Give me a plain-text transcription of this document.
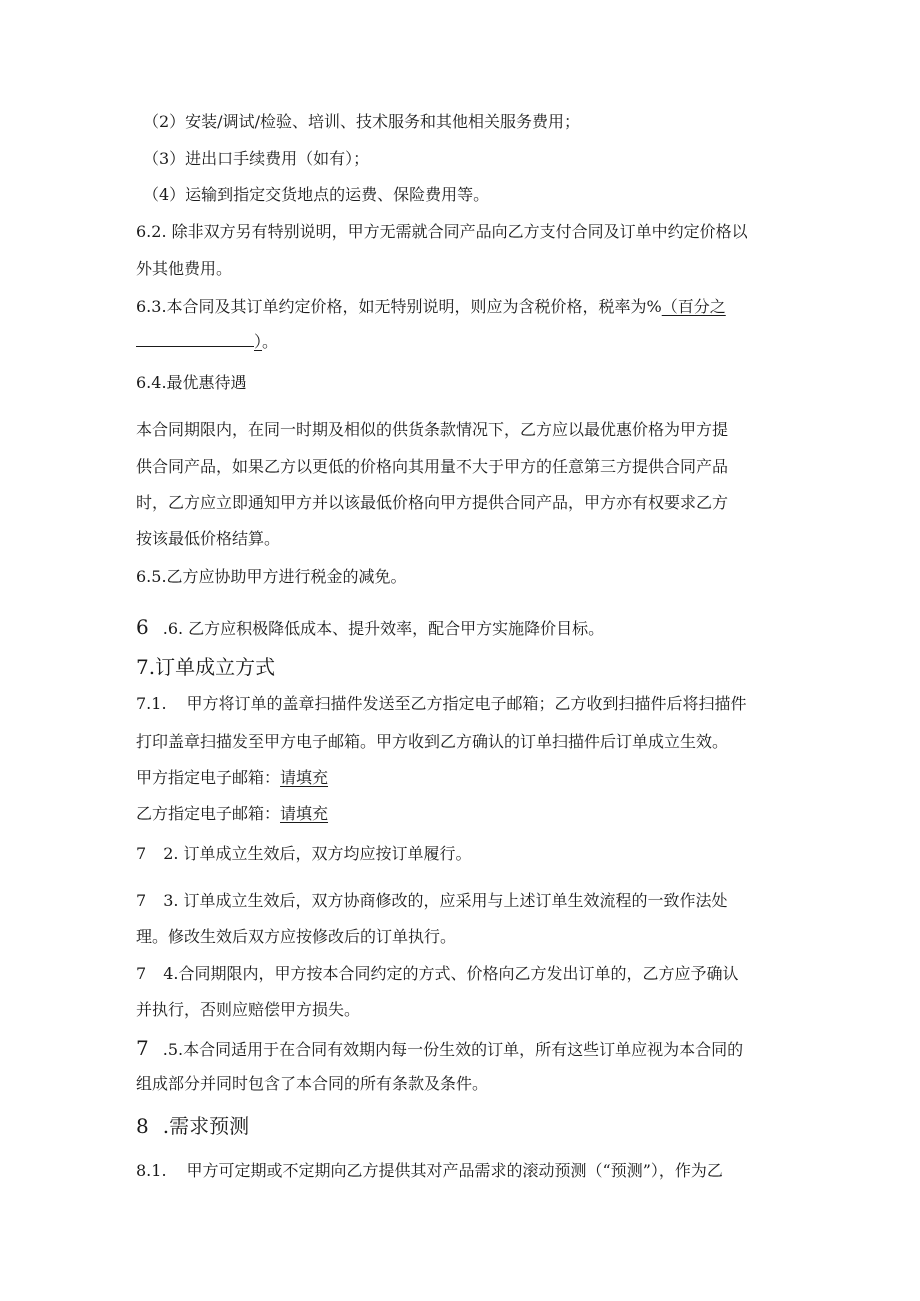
（2）安装/调试/检验、培训、技术服务和其他相关服务费用；
（3）进出口手续费用（如有）；
（4）运输到指定交货地点的运费、保险费用等。
6.2. 除非双方另有特别说明，甲方无需就合同产品向乙方支付合同及订单中约定价格以
外其他费用。
6.3.本合同及其订单约定价格，如无特别说明，则应为含税价格，税率为%（百分之
）。
6.4.最优惠待遇
本合同期限内，在同一时期及相似的供货条款情况下，乙方应以最优惠价格为甲方提
供合同产品，如果乙方以更低的价格向其用量不大于甲方的任意第三方提供合同产品
时，乙方应立即通知甲方并以该最低价格向甲方提供合同产品，甲方亦有权要求乙方
按该最低价格结算。
6.5.乙方应协助甲方进行税金的减免。
6 .6. 乙方应积极降低成本、提升效率，配合甲方实施降价目标。
7.订单成立方式
7.1. 甲方将订单的盖章扫描件发送至乙方指定电子邮箱；乙方收到扫描件后将扫描件
打印盖章扫描发至甲方电子邮箱。甲方收到乙方确认的订单扫描件后订单成立生效。
甲方指定电子邮箱：请填充
乙方指定电子邮箱：请填充
7 2. 订单成立生效后，双方均应按订单履行。
7 3. 订单成立生效后，双方协商修改的，应采用与上述订单生效流程的一致作法处
理。修改生效后双方应按修改后的订单执行。
7 4.合同期限内，甲方按本合同约定的方式、价格向乙方发出订单的，乙方应予确认
并执行，否则应赔偿甲方损失。
7 .5.本合同适用于在合同有效期内每一份生效的订单，所有这些订单应视为本合同的
组成部分并同时包含了本合同的所有条款及条件。
8 .需求预测
8.1. 甲方可定期或不定期向乙方提供其对产品需求的滚动预测（“预测”），作为乙
